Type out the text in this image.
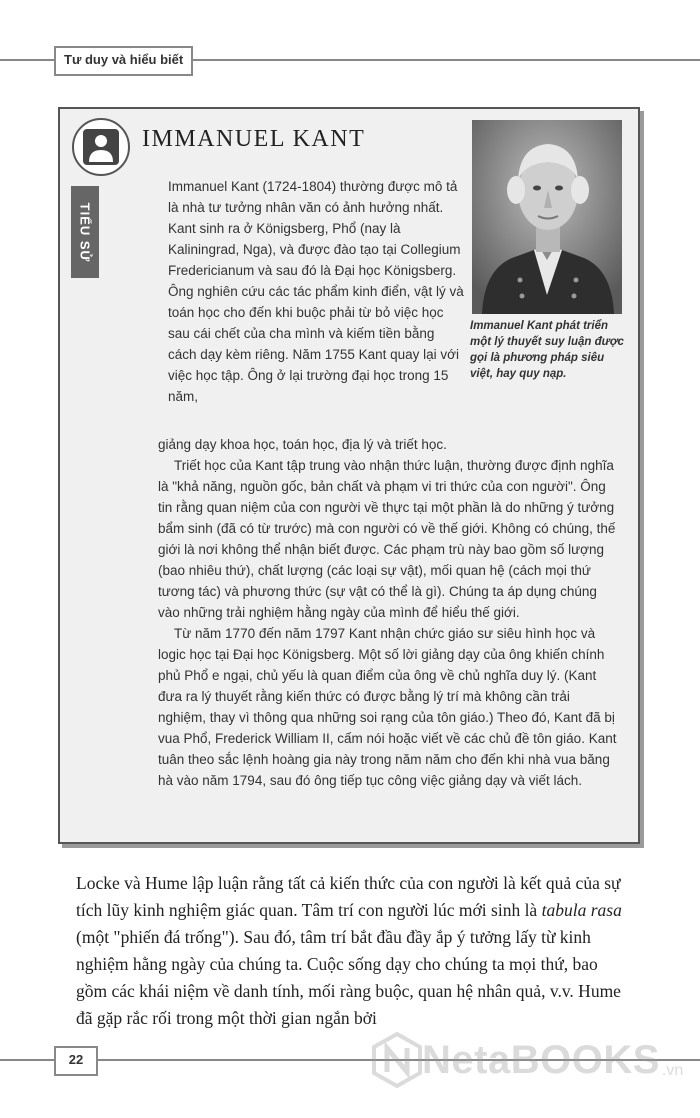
Tư duy và hiểu biết
TIỂU SỬ
IMMANUEL KANT
Immanuel Kant phát triển một lý thuyết suy luận được gọi là phương pháp siêu việt, hay quy nạp.

Immanuel Kant (1724-1804) thường được mô tả là nhà tư tưởng nhân văn có ảnh hưởng nhất. Kant sinh ra ở Königsberg, Phổ (nay là Kaliningrad, Nga), và được đào tạo tại Collegium Fredericianum và sau đó là Đại học Königsberg. Ông nghiên cứu các tác phẩm kinh điển, vật lý và toán học cho đến khi buộc phải từ bỏ việc học sau cái chết của cha mình và kiếm tiền bằng cách dạy kèm riêng. Năm 1755 Kant quay lại với việc học tập. Ông ở lại trường đại học trong 15 năm,

giảng dạy khoa học, toán học, địa lý và triết học.

Triết học của Kant tập trung vào nhận thức luận, thường được định nghĩa là "khả năng, nguồn gốc, bản chất và phạm vi tri thức của con người". Ông tin rằng quan niệm của con người về thực tại một phần là do những ý tưởng bẩm sinh (đã có từ trước) mà con người có về thế giới. Không có chúng, thế giới là nơi không thể nhận biết được. Các phạm trù này bao gồm số lượng (bao nhiêu thứ), chất lượng (các loại sự vật), mối quan hệ (cách mọi thứ tương tác) và phương thức (sự vật có thể là gì). Chúng ta áp dụng chúng vào những trải nghiệm hằng ngày của mình để hiểu thế giới.

Từ năm 1770 đến năm 1797 Kant nhận chức giáo sư siêu hình học và logic học tại Đại học Königsberg. Một số lời giảng dạy của ông khiến chính phủ Phổ e ngại, chủ yếu là quan điểm của ông về chủ nghĩa duy lý. (Kant đưa ra lý thuyết rằng kiến thức có được bằng lý trí mà không cần trải nghiệm, thay vì thông qua những soi rạng của tôn giáo.) Theo đó, Kant đã bị vua Phổ, Frederick William II, cấm nói hoặc viết về các chủ đề tôn giáo. Kant tuân theo sắc lệnh hoàng gia này trong năm năm cho đến khi nhà vua băng hà vào năm 1794, sau đó ông tiếp tục công việc giảng dạy và viết lách.

Locke và Hume lập luận rằng tất cả kiến thức của con người là kết quả của sự tích lũy kinh nghiệm giác quan. Tâm trí con người lúc mới sinh là tabula rasa (một "phiến đá trống"). Sau đó, tâm trí bắt đầu đầy ắp ý tưởng lấy từ kinh nghiệm hằng ngày của chúng ta. Cuộc sống dạy cho chúng ta mọi thứ, bao gồm các khái niệm về danh tính, mối ràng buộc, quan hệ nhân quả, v.v. Hume đã gặp rắc rối trong một thời gian ngắn bởi

22	NetaBOOKS .vn
